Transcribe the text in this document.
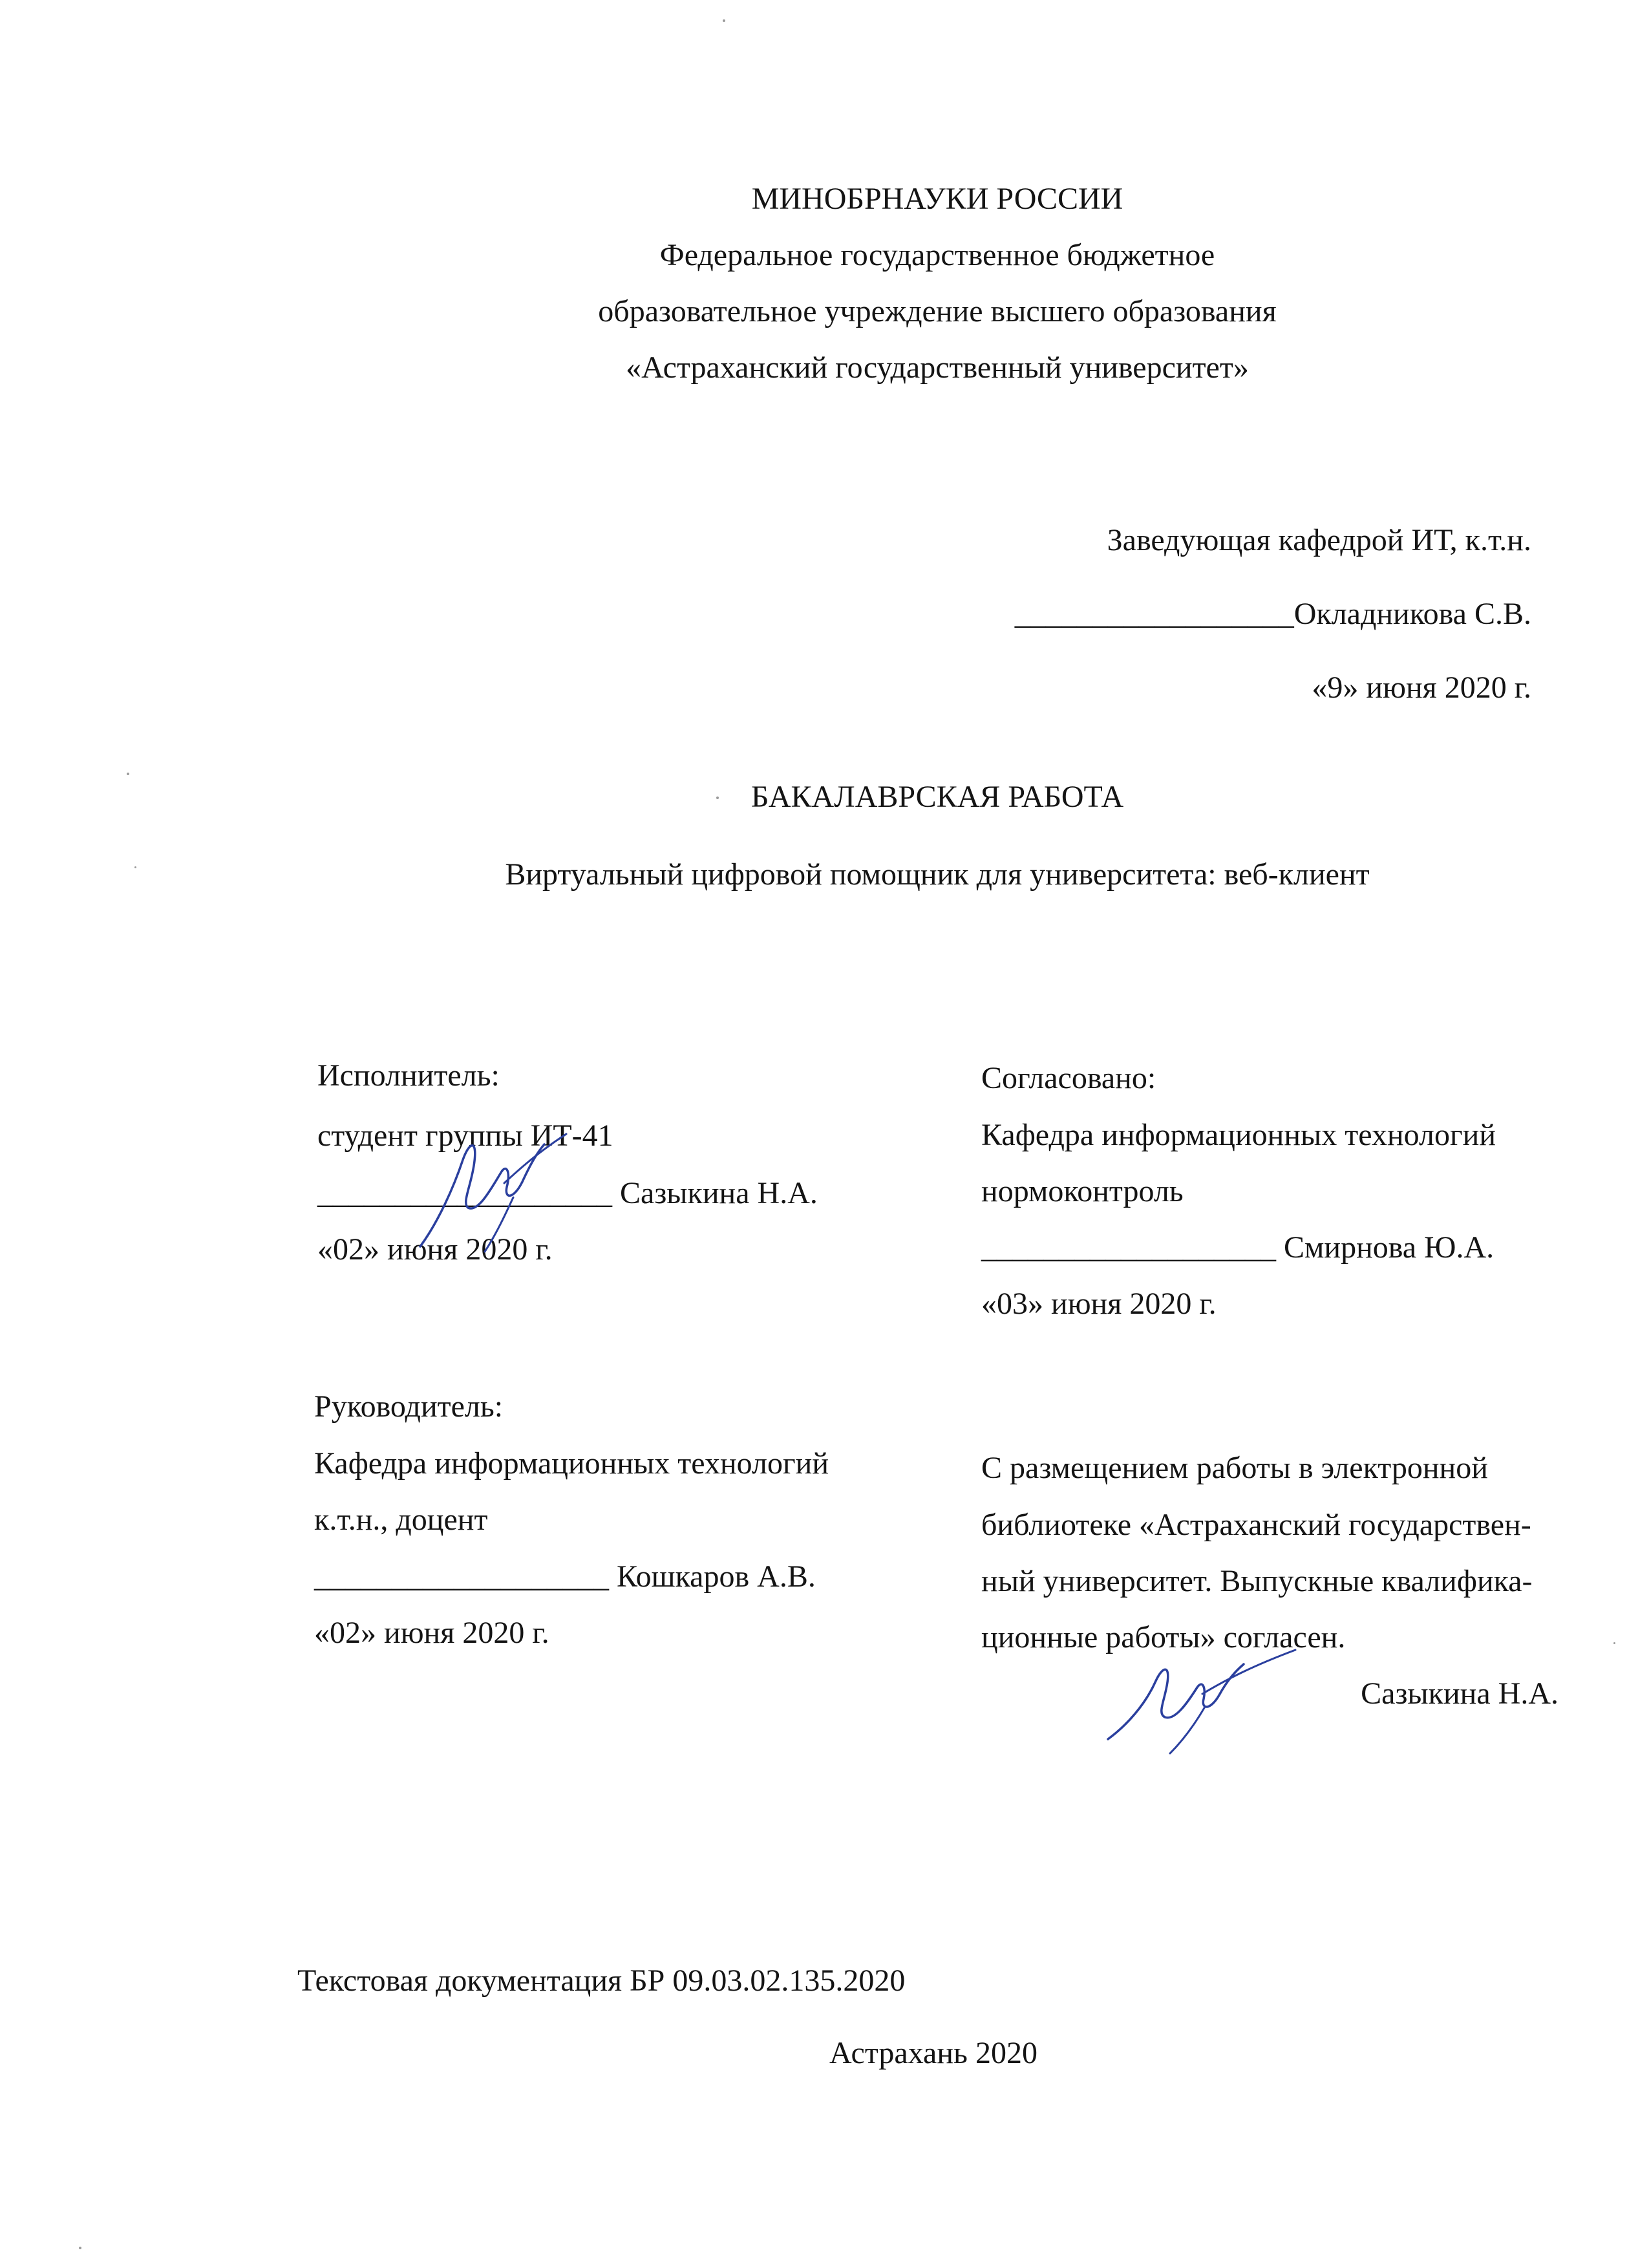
МИНОБРНАУКИ РОССИИ
Федеральное государственное бюджетное
образовательное учреждение высшего образования
«Астраханский государственный университет»
Заведующая кафедрой ИТ, к.т.н.
__________________Окладникова С.В.
«9» июня 2020 г.
БАКАЛАВРСКАЯ РАБОТА
Виртуальный цифровой помощник для университета: веб-клиент
Исполнитель:
студент группы ИТ-41
___________________ Сазыкина Н.А.
«02» июня 2020 г.
Согласовано:
Кафедра информационных технологий
нормоконтроль
___________________ Смирнова Ю.А.
«03» июня 2020 г.
Руководитель:
Кафедра информационных технологий
к.т.н., доцент
___________________ Кошкаров А.В.
«02» июня 2020 г.
С размещением работы в электронной
библиотеке «Астраханский государствен-
ный университет. Выпускные квалифика-
ционные работы» согласен.
Сазыкина Н.А.
Текстовая документация БР 09.03.02.135.2020
Астрахань 2020
